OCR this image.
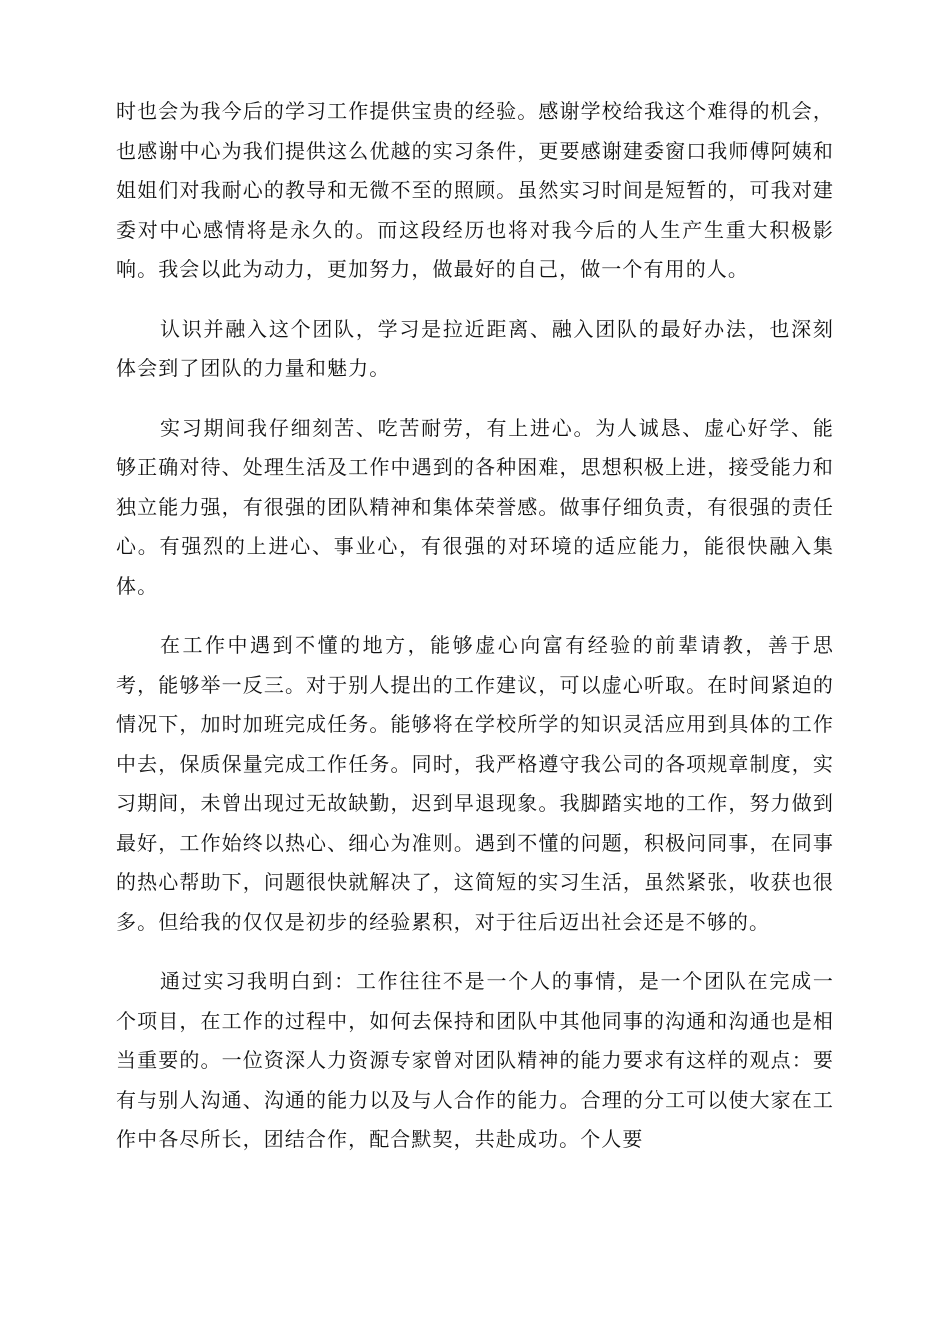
时也会为我今后的学习工作提供宝贵的经验。感谢学校给我这个难得的机会，也感谢中心为我们提供这么优越的实习条件，更要感谢建委窗口我师傅阿姨和姐姐们对我耐心的教导和无微不至的照顾。虽然实习时间是短暂的，可我对建委对中心感情将是永久的。而这段经历也将对我今后的人生产生重大积极影响。我会以此为动力，更加努力，做最好的自己，做一个有用的人。

认识并融入这个团队，学习是拉近距离、融入团队的最好办法，也深刻体会到了团队的力量和魅力。

实习期间我仔细刻苦、吃苦耐劳，有上进心。为人诚恳、虚心好学、能够正确对待、处理生活及工作中遇到的各种困难，思想积极上进，接受能力和独立能力强，有很强的团队精神和集体荣誉感。做事仔细负责，有很强的责任心。有强烈的上进心、事业心，有很强的对环境的适应能力，能很快融入集体。

在工作中遇到不懂的地方，能够虚心向富有经验的前辈请教，善于思考，能够举一反三。对于别人提出的工作建议，可以虚心听取。在时间紧迫的情况下，加时加班完成任务。能够将在学校所学的知识灵活应用到具体的工作中去，保质保量完成工作任务。同时，我严格遵守我公司的各项规章制度，实习期间，未曾出现过无故缺勤，迟到早退现象。我脚踏实地的工作，努力做到最好，工作始终以热心、细心为准则。遇到不懂的问题，积极问同事，在同事的热心帮助下，问题很快就解决了，这简短的实习生活，虽然紧张，收获也很多。但给我的仅仅是初步的经验累积，对于往后迈出社会还是不够的。

通过实习我明白到：工作往往不是一个人的事情，是一个团队在完成一个项目，在工作的过程中，如何去保持和团队中其他同事的沟通和沟通也是相当重要的。一位资深人力资源专家曾对团队精神的能力要求有这样的观点：要有与别人沟通、沟通的能力以及与人合作的能力。合理的分工可以使大家在工作中各尽所长，团结合作，配合默契，共赴成功。个人要
